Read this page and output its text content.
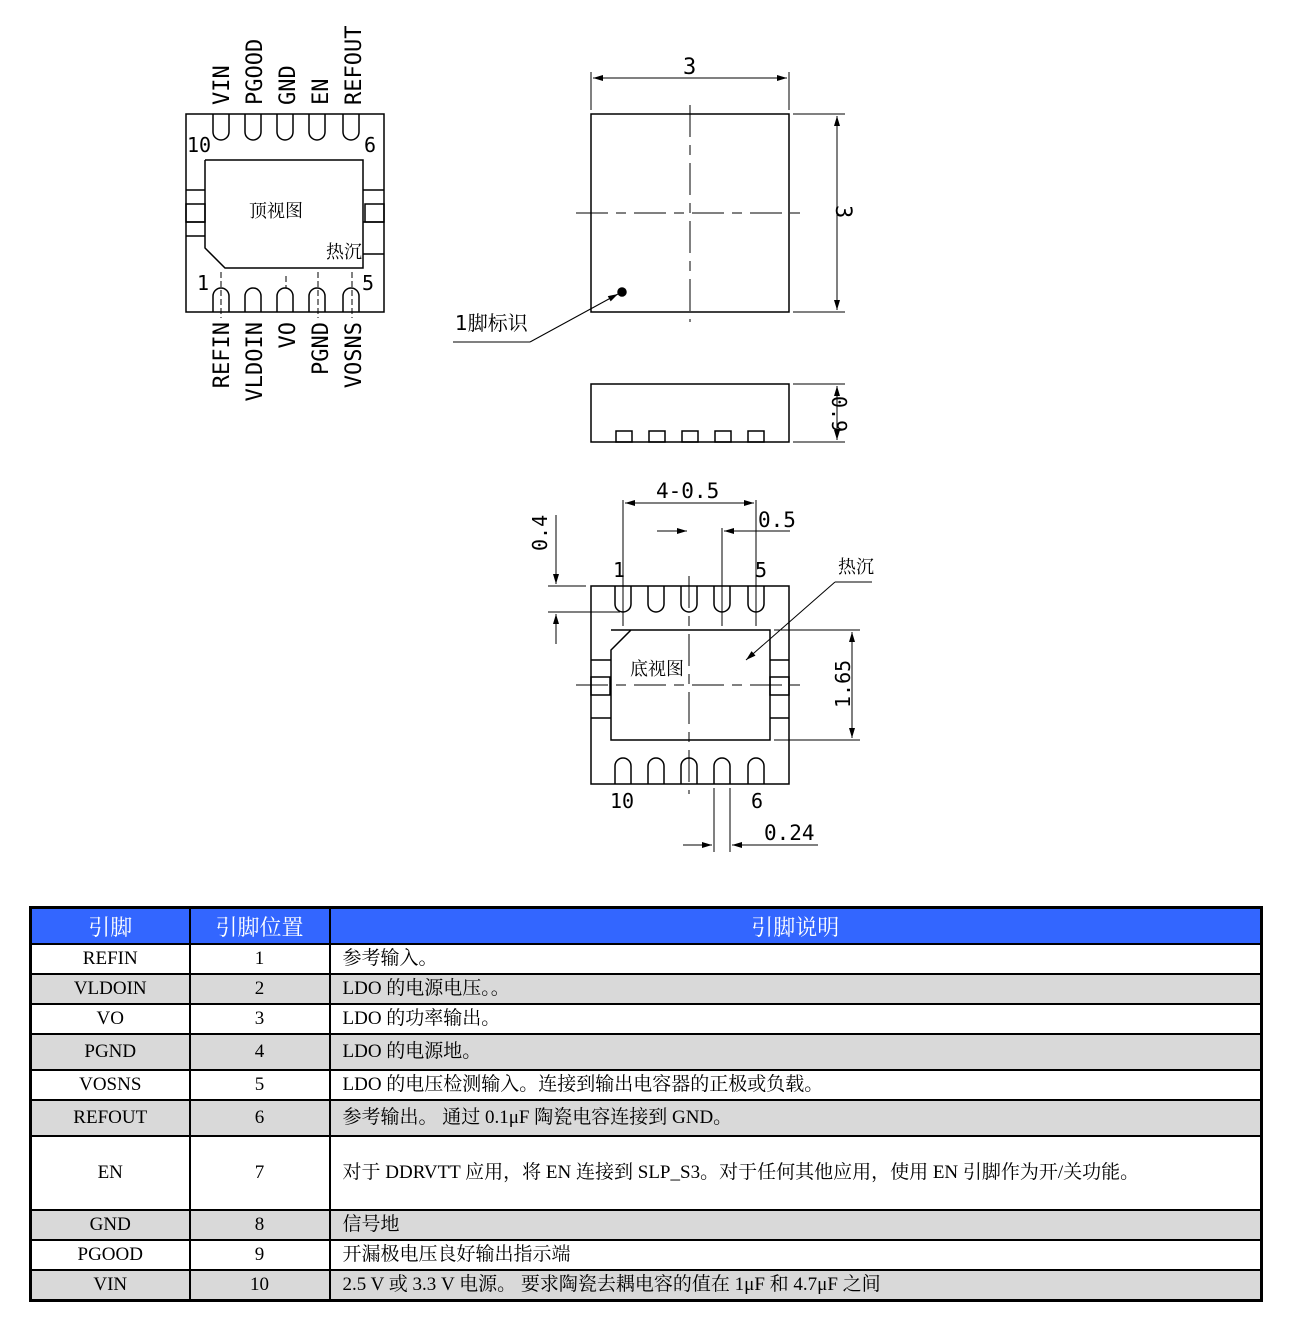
VIN PGOOD GND EN REFOUT
REFIN VLDOIN VO PGND VOSNS
10	6
1	5
顶视图
热沉
3
3
1脚标识
0.9
4-0.5
0.5
0.4
1.65
0.24
1	5
10	6
底视图
热沉
引脚	引脚位置	引脚说明
REFIN	1	参考输入。
VLDOIN	2	LDO 的电源电压。。
VO	3	LDO 的功率输出。
PGND	4	LDO 的电源地。
VOSNS	5	LDO 的电压检测输入。连接到输出电容器的正极或负载。
REFOUT	6	参考输出。 通过 0.1μF 陶瓷电容连接到 GND。
EN	7	对于 DDRVTT 应用，将 EN 连接到 SLP_S3。对于任何其他应用，使用 EN 引脚作为开/关功能。
GND	8	信号地
PGOOD	9	开漏极电压良好输出指示端
VIN	10	2.5 V 或 3.3 V 电源。 要求陶瓷去耦电容的值在 1μF 和 4.7μF 之间
